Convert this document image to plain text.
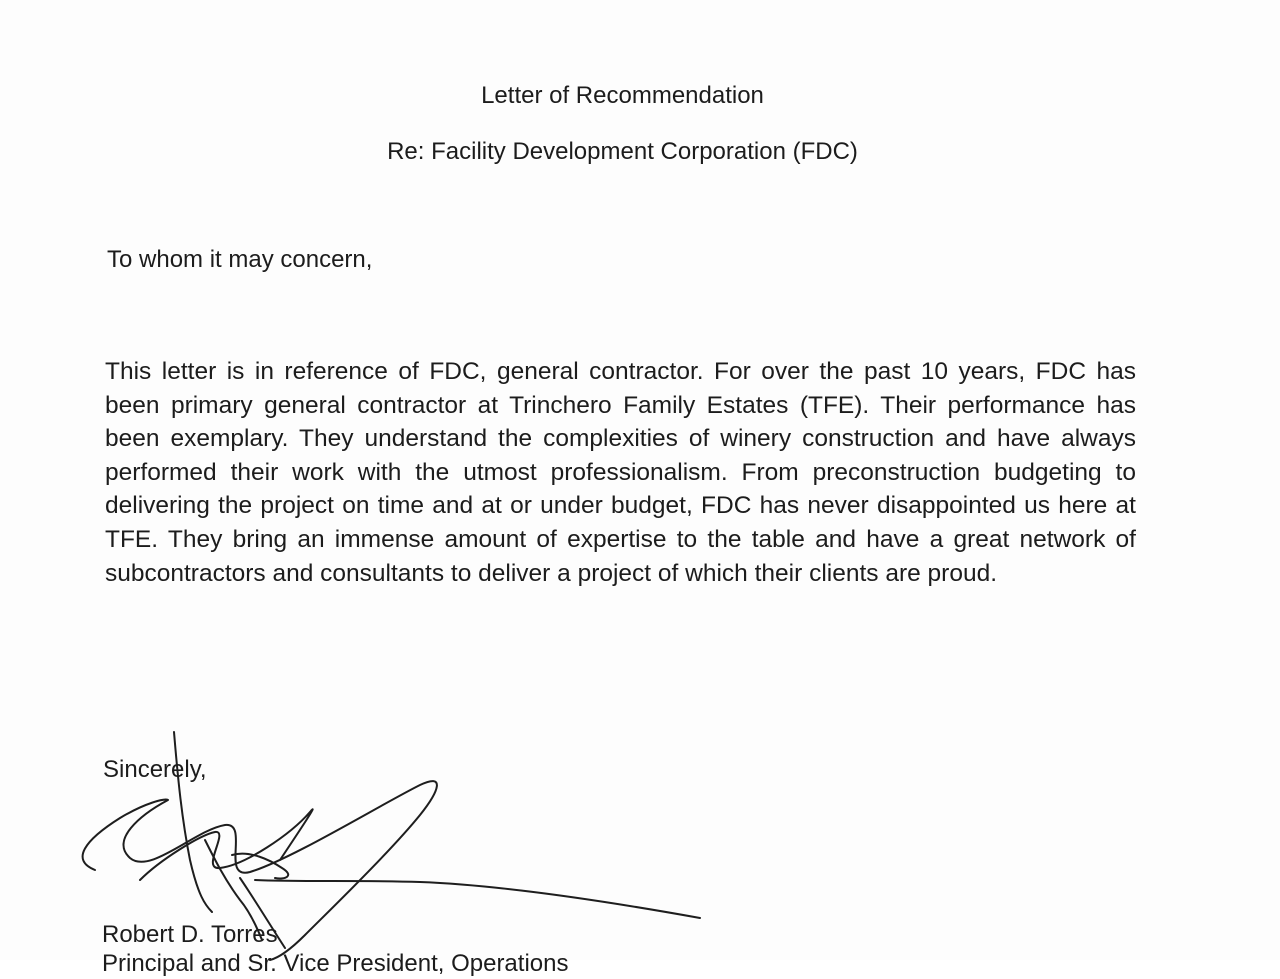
Letter of Recommendation

Re: Facility Development Corporation (FDC)

To whom it may concern,

This letter is in reference of FDC, general contractor. For over the past 10 years, FDC has been primary general contractor at Trinchero Family Estates (TFE). Their performance has been exemplary. They understand the complexities of winery construction and have always performed their work with the utmost professionalism. From preconstruction budgeting to delivering the project on time and at or under budget, FDC has never disappointed us here at TFE. They bring an immense amount of expertise to the table and have a great network of subcontractors and consultants to deliver a project of which their clients are proud.

Sincerely,

Robert D. Torres

Principal and Sr. Vice President, Operations
